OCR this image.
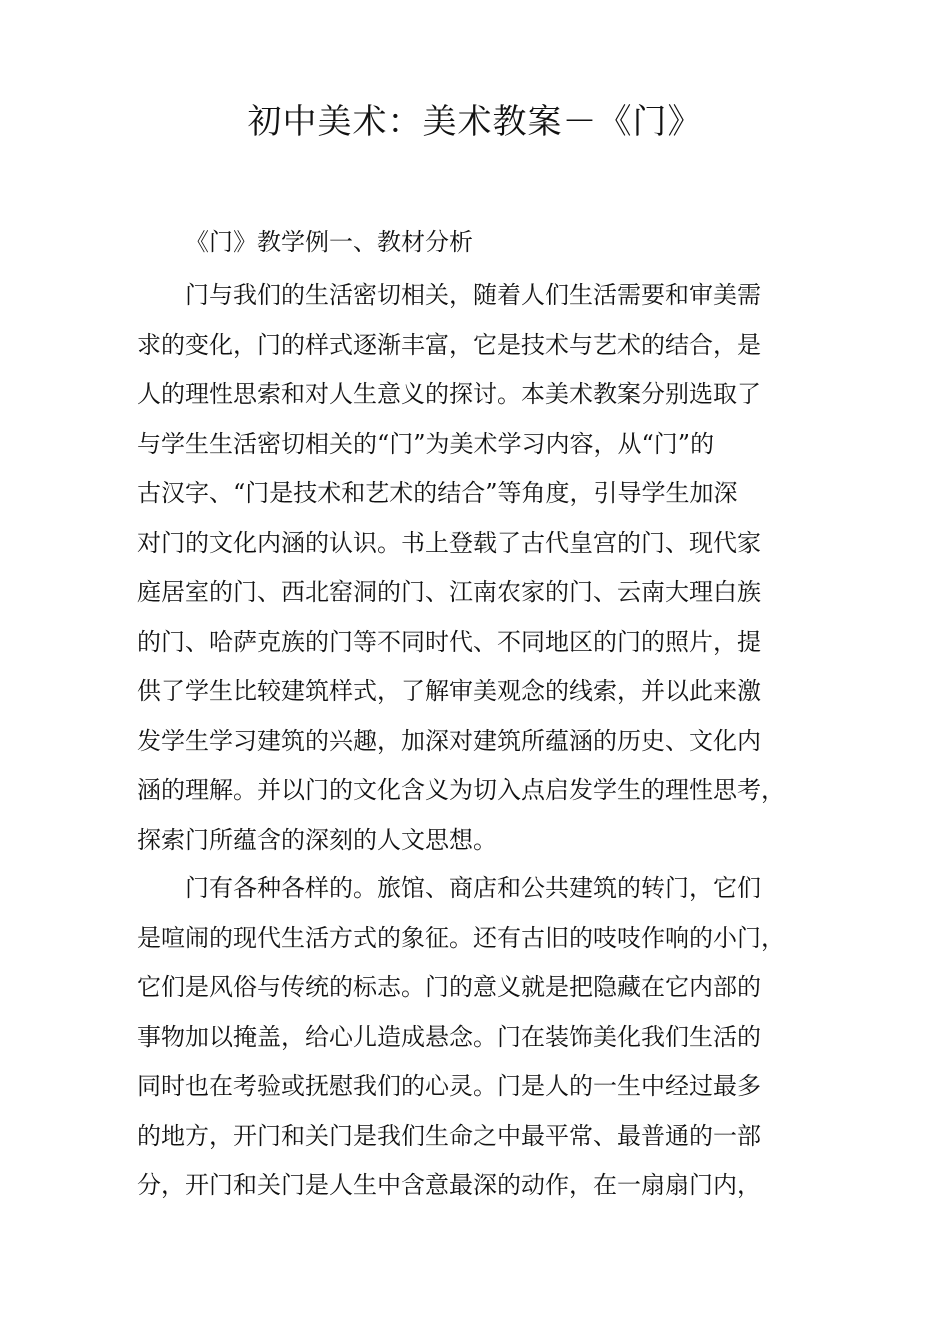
初中美术：美术教案－《门》
《门》教学例一、教材分析
门与我们的生活密切相关，随着人们生活需要和审美需
求的变化，门的样式逐渐丰富，它是技术与艺术的结合，是
人的理性思索和对人生意义的探讨。本美术教案分别选取了
与学生生活密切相关的“门”为美术学习内容，从“门”的
古汉字、“门是技术和艺术的结合”等角度，引导学生加深
对门的文化内涵的认识。书上登载了古代皇宫的门、现代家
庭居室的门、西北窑洞的门、江南农家的门、云南大理白族
的门、哈萨克族的门等不同时代、不同地区的门的照片，提
供了学生比较建筑样式，了解审美观念的线索，并以此来激
发学生学习建筑的兴趣，加深对建筑所蕴涵的历史、文化内
涵的理解。并以门的文化含义为切入点启发学生的理性思考，
探索门所蕴含的深刻的人文思想。
门有各种各样的。旅馆、商店和公共建筑的转门，它们
是喧闹的现代生活方式的象征。还有古旧的吱吱作响的小门，
它们是风俗与传统的标志。门的意义就是把隐藏在它内部的
事物加以掩盖，给心儿造成悬念。门在装饰美化我们生活的
同时也在考验或抚慰我们的心灵。门是人的一生中经过最多
的地方，开门和关门是我们生命之中最平常、最普通的一部
分，开门和关门是人生中含意最深的动作，在一扇扇门内，
